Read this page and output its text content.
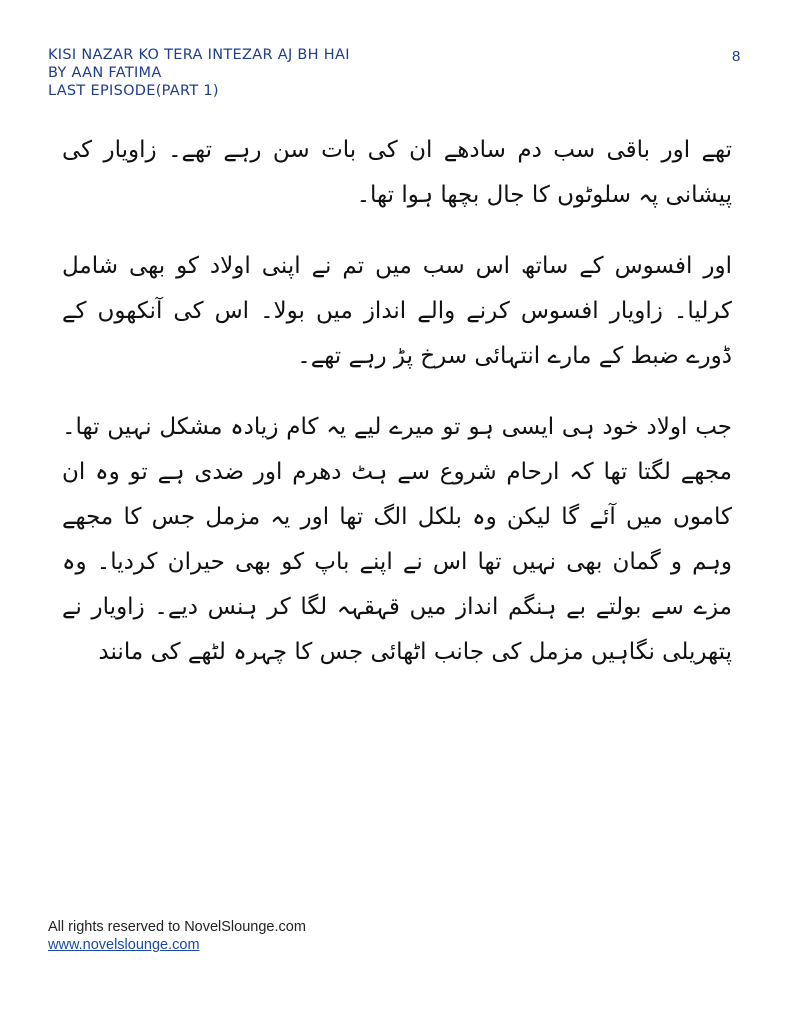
KISI NAZAR KO TERA INTEZAR AJ BH HAI
BY AAN FATIMA
LAST EPISODE(PART 1)
8

تھے اور باقی سب دم سادھے ان کی بات سن رہے تھے۔ زاویار کی پیشانی پہ سلوٹوں کا جال بچھا ہوا تھا۔

اور افسوس کے ساتھ اس سب میں تم نے اپنی اولاد کو بھی شامل کرلیا۔ زاویار افسوس کرنے والے انداز میں بولا۔ اس کی آنکھوں کے ڈورے ضبط کے مارے انتہائی سرخ پڑ رہے تھے۔

جب اولاد خود ہی ایسی ہو تو میرے لیے یہ کام زیادہ مشکل نہیں تھا۔ مجھے لگتا تھا کہ ارحام شروع سے ہٹ دھرم اور ضدی ہے تو وہ ان کاموں میں آئے گا لیکن وہ بلکل الگ تھا اور یہ مزمل جس کا مجھے وہم و گمان بھی نہیں تھا اس نے اپنے باپ کو بھی حیران کردیا۔ وہ مزے سے بولتے بے ہنگم انداز میں قہقہہ لگا کر ہنس دیے۔ زاویار نے پتھریلی نگاہیں مزمل کی جانب اٹھائی جس کا چہرہ لٹھے کی مانند

All rights reserved to NovelSlounge.com
www.novelslounge.com
